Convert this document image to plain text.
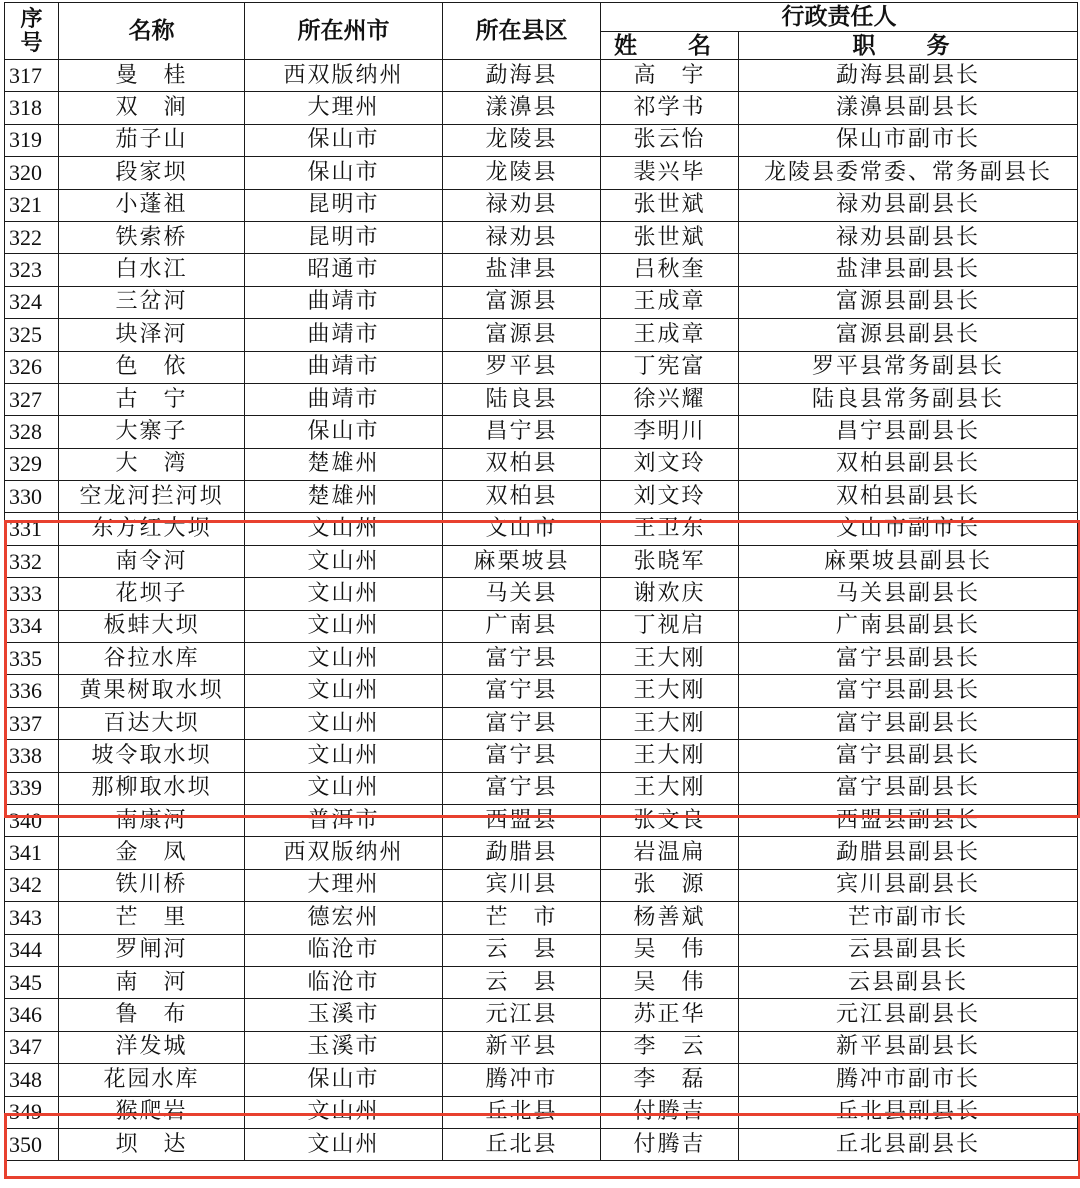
序
号	名称	所在州市	所在县区	行政责任人	
				姓　名	职　务
317	曼　桂	西双版纳州	勐海县	高　宇	勐海县副县长
318	双　涧	大理州	漾濞县	祁学书	漾濞县副县长
319	茄子山	保山市	龙陵县	张云怡	保山市副市长
320	段家坝	保山市	龙陵县	裴兴毕	龙陵县委常委、常务副县长
321	小蓬祖	昆明市	禄劝县	张世斌	禄劝县副县长
322	铁索桥	昆明市	禄劝县	张世斌	禄劝县副县长
323	白水江	昭通市	盐津县	吕秋奎	盐津县副县长
324	三岔河	曲靖市	富源县	王成章	富源县副县长
325	块泽河	曲靖市	富源县	王成章	富源县副县长
326	色　依	曲靖市	罗平县	丁宪富	罗平县常务副县长
327	古　宁	曲靖市	陆良县	徐兴耀	陆良县常务副县长
328	大寨子	保山市	昌宁县	李明川	昌宁县副县长
329	大　湾	楚雄州	双柏县	刘文玲	双柏县副县长
330	空龙河拦河坝	楚雄州	双柏县	刘文玲	双柏县副县长
331	东方红大坝	文山州	文山市	王卫东	文山市副市长
332	南令河	文山州	麻栗坡县	张晓军	麻栗坡县副县长
333	花坝子	文山州	马关县	谢欢庆	马关县副县长
334	板蚌大坝	文山州	广南县	丁视启	广南县副县长
335	谷拉水库	文山州	富宁县	王大刚	富宁县副县长
336	黄果树取水坝	文山州	富宁县	王大刚	富宁县副县长
337	百达大坝	文山州	富宁县	王大刚	富宁县副县长
338	坡令取水坝	文山州	富宁县	王大刚	富宁县副县长
339	那柳取水坝	文山州	富宁县	王大刚	富宁县副县长
340	南康河	普洱市	西盟县	张文良	西盟县副县长
341	金　凤	西双版纳州	勐腊县	岩温扁	勐腊县副县长
342	铁川桥	大理州	宾川县	张　源	宾川县副县长
343	芒　里	德宏州	芒　市	杨善斌	芒市副市长
344	罗闸河	临沧市	云　县	吴　伟	云县副县长
345	南　河	临沧市	云　县	吴　伟	云县副县长
346	鲁　布	玉溪市	元江县	苏正华	元江县副县长
347	洋发城	玉溪市	新平县	李　云	新平县副县长
348	花园水库	保山市	腾冲市	李　磊	腾冲市副市长
349	猴爬岩	文山州	丘北县	付腾吉	丘北县副县长
350	坝　达	文山州	丘北县	付腾吉	丘北县副县长
